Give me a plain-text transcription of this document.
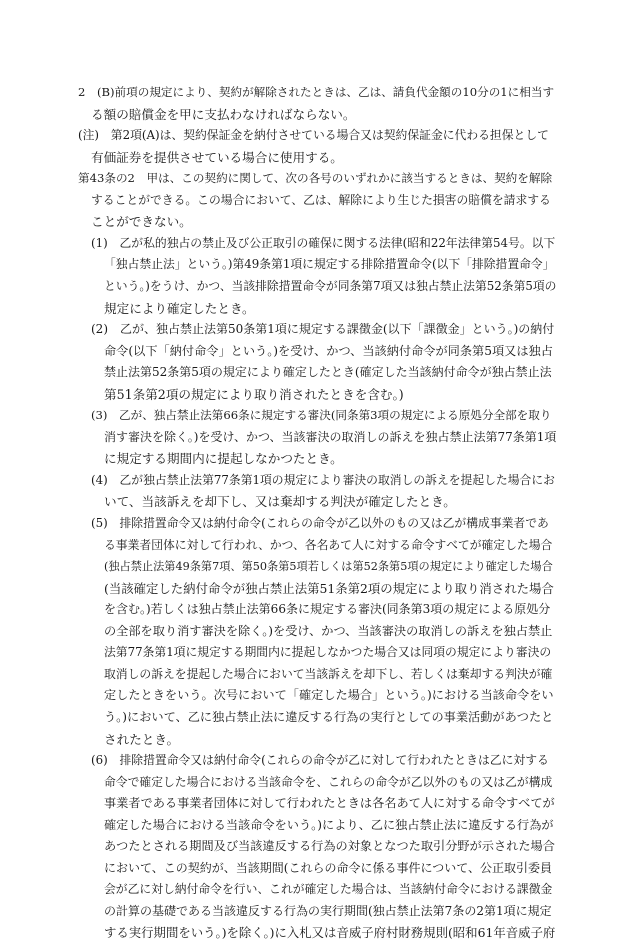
2　(B)前項の規定により、契約が解除されたときは、乙は、請負代金額の10分の1に相当す
る額の賠償金を甲に支払わなければならない。
(注)　第2項(A)は、契約保証金を納付させている場合又は契約保証金に代わる担保として
有価証券を提供させている場合に使用する。
第43条の2　甲は、この契約に関して、次の各号のいずれかに該当するときは、契約を解除
することができる。この場合において、乙は、解除により生じた損害の賠償を請求する
ことができない。
(1)　乙が私的独占の禁止及び公正取引の確保に関する法律(昭和22年法律第54号。以下
「独占禁止法」という。)第49条第1項に規定する排除措置命令(以下「排除措置命令」
という。)をうけ、かつ、当該排除措置命令が同条第7項又は独占禁止法第52条第5項の
規定により確定したとき。
(2)　乙が、独占禁止法第50条第1項に規定する課徴金(以下「課徴金」という。)の納付
命令(以下「納付命令」という。)を受け、かつ、当該納付命令が同条第5項又は独占
禁止法第52条第5項の規定により確定したとき(確定した当該納付命令が独占禁止法
第51条第2項の規定により取り消されたときを含む。)
(3)　乙が、独占禁止法第66条に規定する審決(同条第3項の規定による原処分全部を取り
消す審決を除く。)を受け、かつ、当該審決の取消しの訴えを独占禁止法第77条第1項
に規定する期間内に提起しなかつたとき。
(4)　乙が独占禁止法第77条第1項の規定により審決の取消しの訴えを提起した場合にお
いて、当該訴えを却下し、又は棄却する判決が確定したとき。
(5)　排除措置命令又は納付命令(これらの命令が乙以外のもの又は乙が構成事業者であ
る事業者団体に対して行われ、かつ、各名あて人に対する命令すべてが確定した場合
(独占禁止法第49条第7項、第50条第5項若しくは第52条第5項の規定により確定した場合
(当該確定した納付命令が独占禁止法第51条第2項の規定により取り消された場合
を含む。)若しくは独占禁止法第66条に規定する審決(同条第3項の規定による原処分
の全部を取り消す審決を除く。)を受け、かつ、当該審決の取消しの訴えを独占禁止
法第77条第1項に規定する期間内に提起しなかつた場合又は同項の規定により審決の
取消しの訴えを提起した場合において当該訴えを却下し、若しくは棄却する判決が確
定したときをいう。次号において「確定した場合」という。)における当該命令をい
う。)において、乙に独占禁止法に違反する行為の実行としての事業活動があつたと
されたとき。
(6)　排除措置命令又は納付命令(これらの命令が乙に対して行われたときは乙に対する
命令で確定した場合における当該命令を、これらの命令が乙以外のもの又は乙が構成
事業者である事業者団体に対して行われたときは各名あて人に対する命令すべてが
確定した場合における当該命令をいう。)により、乙に独占禁止法に違反する行為が
あつたとされる期間及び当該違反する行為の対象となつた取引分野が示された場合
において、この契約が、当該期間(これらの命令に係る事件について、公正取引委員
会が乙に対し納付命令を行い、これが確定した場合は、当該納付命令における課徴金
の計算の基礎である当該違反する行為の実行期間(独占禁止法第7条の2第1項に規定
する実行期間をいう。)を除く。)に入札又は音威子府村財務規則(昭和61年音威子府
